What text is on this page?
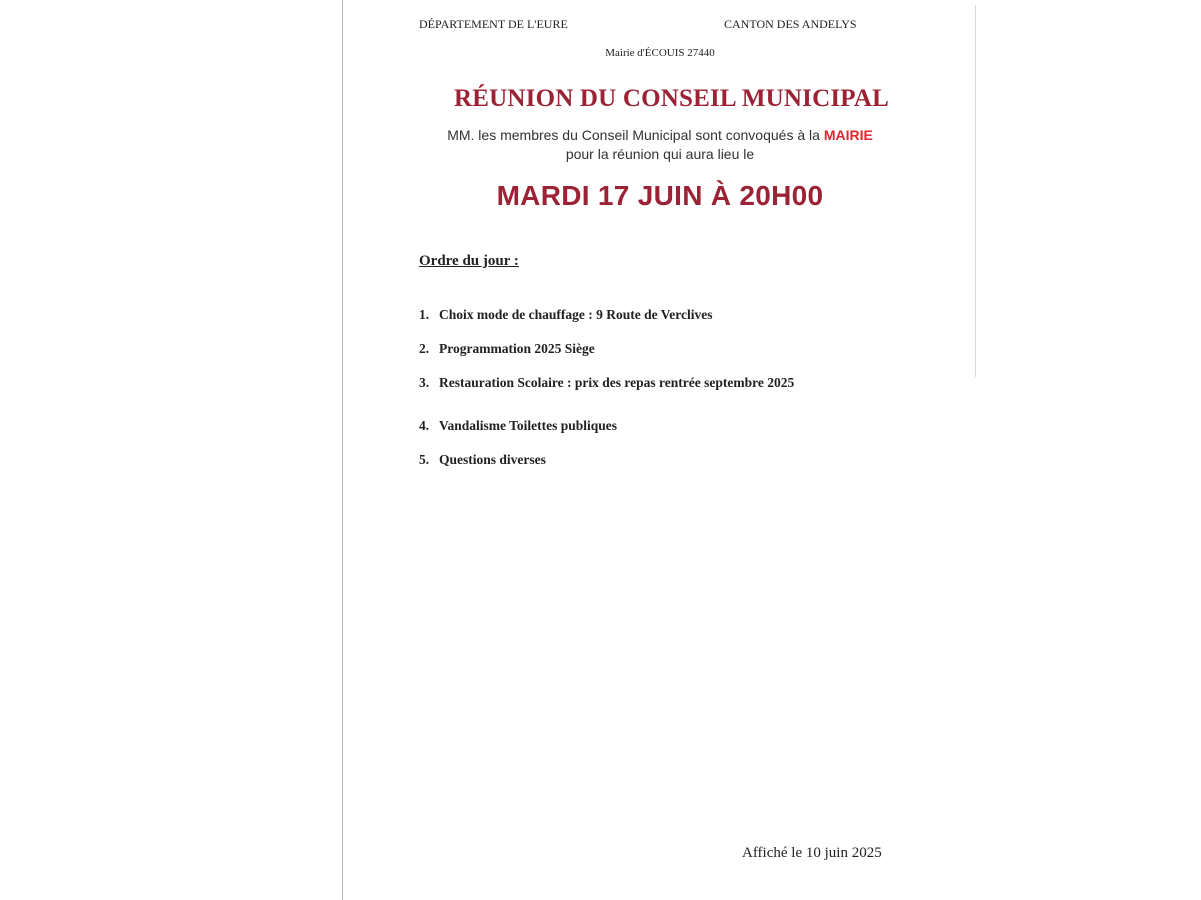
DÉPARTEMENT DE L'EURE	CANTON DES ANDELYS
Mairie d'ÉCOUIS 27440
RÉUNION DU CONSEIL MUNICIPAL
MM. les membres du Conseil Municipal sont convoqués à la MAIRIE
pour la réunion qui aura lieu le
MARDI 17 JUIN À 20H00
Ordre du jour :
1. Choix mode de chauffage : 9 Route de Verclives
2. Programmation 2025 Siège
3. Restauration Scolaire : prix des repas rentrée septembre 2025
4. Vandalisme Toilettes publiques
5. Questions diverses
Affiché le 10 juin 2025
